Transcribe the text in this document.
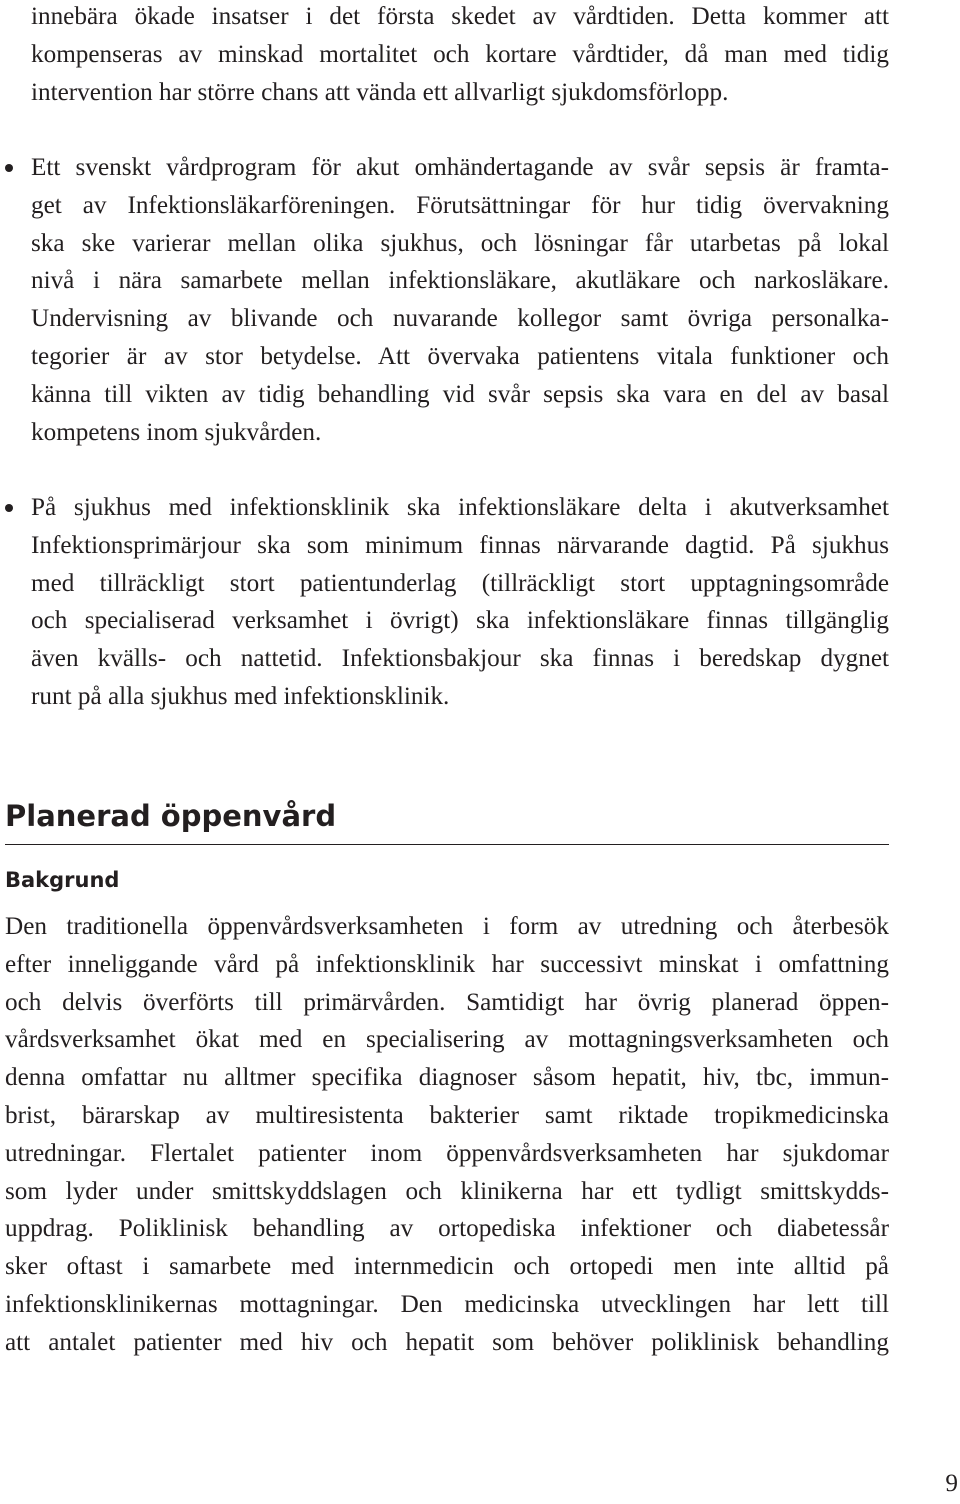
innebära ökade insatser i det första skedet av vårdtiden. Detta kommer att
kompenseras av minskad mortalitet och kortare vårdtider, då man med tidig
intervention har större chans att vända ett allvarligt sjukdomsförlopp.
Ett svenskt vårdprogram för akut omhändertagande av svår sepsis är framta-
get av Infektionsläkarföreningen. Förutsättningar för hur tidig övervakning
ska ske varierar mellan olika sjukhus, och lösningar får utarbetas på lokal
nivå i nära samarbete mellan infektionsläkare, akutläkare och narkosläkare.
Undervisning av blivande och nuvarande kollegor samt övriga personalka-
tegorier är av stor betydelse. Att övervaka patientens vitala funktioner och
känna till vikten av tidig behandling vid svår sepsis ska vara en del av basal
kompetens inom sjukvården.
På sjukhus med infektionsklinik ska infektionsläkare delta i akutverksamhet
Infektionsprimärjour ska som minimum finnas närvarande dagtid. På sjukhus
med tillräckligt stort patientunderlag (tillräckligt stort upptagningsområde
och specialiserad verksamhet i övrigt) ska infektionsläkare finnas tillgänglig
även kvälls- och nattetid. Infektionsbakjour ska finnas i beredskap dygnet
runt på alla sjukhus med infektionsklinik.
Planerad öppenvård
Bakgrund
Den traditionella öppenvårdsverksamheten i form av utredning och återbesök
efter inneliggande vård på infektionsklinik har successivt minskat i omfattning
och delvis överförts till primärvården. Samtidigt har övrig planerad öppen-
vårdsverksamhet ökat med en specialisering av mottagningsverksamheten och
denna omfattar nu alltmer specifika diagnoser såsom hepatit, hiv, tbc, immun-
brist, bärarskap av multiresistenta bakterier samt riktade tropikmedicinska
utredningar. Flertalet patienter inom öppenvårdsverksamheten har sjukdomar
som lyder under smittskyddslagen och klinikerna har ett tydligt smittskydds-
uppdrag. Poliklinisk behandling av ortopediska infektioner och diabetessår
sker oftast i samarbete med internmedicin och ortopedi men inte alltid på
infektionsklinikernas mottagningar. Den medicinska utvecklingen har lett till
att antalet patienter med hiv och hepatit som behöver poliklinisk behandling

9
